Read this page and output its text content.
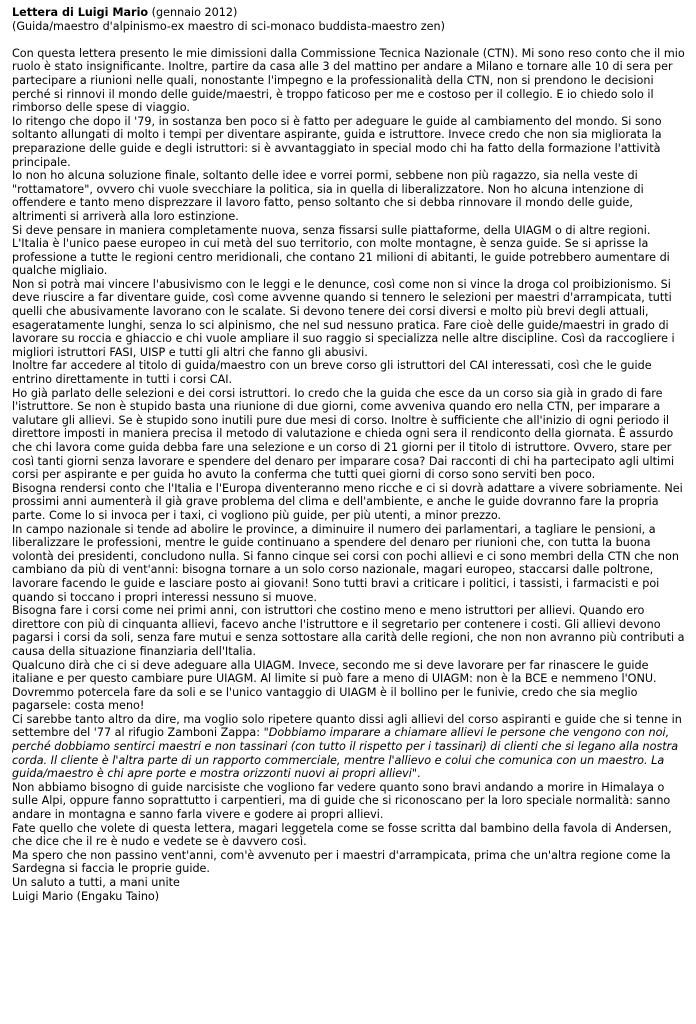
Lettera di Luigi Mario (gennaio 2012)

(Guida/maestro d'alpinismo-ex maestro di sci-monaco buddista-maestro zen)

Con questa lettera presento le mie dimissioni dalla Commissione Tecnica Nazionale (CTN). Mi sono reso conto che il mio ruolo è stato insignificante. Inoltre, partire da casa alle 3 del mattino per andare a Milano e tornare alle 10 di sera per partecipare a riunioni nelle quali, nonostante l'impegno e la professionalità della CTN, non si prendono le decisioni perché si rinnovi il mondo delle guide/maestri, è troppo faticoso per me e costoso per il collegio. E io chiedo solo il rimborso delle spese di viaggio.

Io ritengo che dopo il '79, in sostanza ben poco si è fatto per adeguare le guide al cambiamento del mondo. Si sono soltanto allungati di molto i tempi per diventare aspirante, guida e istruttore. Invece credo che non sia migliorata la preparazione delle guide e degli istruttori: si è avvantaggiato in special modo chi ha fatto della formazione l'attività principale.

Io non ho alcuna soluzione finale, soltanto delle idee e vorrei pormi, sebbene non più ragazzo, sia nella veste di "rottamatore", ovvero chi vuole svecchiare la politica, sia in quella di liberalizzatore. Non ho alcuna intenzione di offendere e tanto meno disprezzare il lavoro fatto, penso soltanto che si debba rinnovare il mondo delle guide, altrimenti si arriverà alla loro estinzione.

Si deve pensare in maniera completamente nuova, senza fissarsi sulle piattaforme, della UIAGM o di altre regioni.

L'Italia è l'unico paese europeo in cui metà del suo territorio, con molte montagne, è senza guide. Se si aprisse la professione a tutte le regioni centro meridionali, che contano 21 milioni di abitanti, le guide potrebbero aumentare di qualche migliaio.

Non si potrà mai vincere l'abusivismo con le leggi e le denunce, così come non si vince la droga col proibizionismo. Si deve riuscire a far diventare guide, così come avvenne quando si tennero le selezioni per maestri d'arrampicata, tutti quelli che abusivamente lavorano con le scalate. Si devono tenere dei corsi diversi e molto più brevi degli attuali, esageratamente lunghi, senza lo sci alpinismo, che nel sud nessuno pratica. Fare cioè delle guide/maestri in grado di lavorare su roccia e ghiaccio e chi vuole ampliare il suo raggio si specializza nelle altre discipline. Così da raccogliere i migliori istruttori FASI, UISP e tutti gli altri che fanno gli abusivi.

Inoltre far accedere al titolo di guida/maestro con un breve corso gli istruttori del CAI interessati, così che le guide entrino direttamente in tutti i corsi CAI.

Ho già parlato delle selezioni e dei corsi istruttori. Io credo che la guida che esce da un corso sia già in grado di fare l'istruttore. Se non è stupido basta una riunione di due giorni, come avveniva quando ero nella CTN, per imparare a valutare gli allievi. Se è stupido sono inutili pure due mesi di corso. Inoltre è sufficiente che all'inizio di ogni periodo il direttore imposti in maniera precisa il metodo di valutazione e chieda ogni sera il rendiconto della giornata. È assurdo che chi lavora come guida debba fare una selezione e un corso di 21 giorni per il titolo di istruttore. Ovvero, stare per così tanti giorni senza lavorare e spendere del denaro per imparare cosa? Dai racconti di chi ha partecipato agli ultimi corsi per aspirante e per guida ho avuto la conferma che tutti quei giorni di corso sono serviti ben poco.

Bisogna rendersi conto che l'Italia e l'Europa diventeranno meno ricche e ci si dovrà adattare a vivere sobriamente. Nei prossimi anni aumenterà il già grave problema del clima e dell'ambiente, e anche le guide dovranno fare la propria parte. Come lo si invoca per i taxi, ci vogliono più guide, per più utenti, a minor prezzo.

In campo nazionale si tende ad abolire le province, a diminuire il numero dei parlamentari, a tagliare le pensioni, a liberalizzare le professioni, mentre le guide continuano a spendere del denaro per riunioni che, con tutta la buona volontà dei presidenti, concludono nulla. Si fanno cinque sei corsi con pochi allievi e ci sono membri della CTN che non cambiano da più di vent'anni: bisogna tornare a un solo corso nazionale, magari europeo, staccarsi dalle poltrone, lavorare facendo le guide e lasciare posto ai giovani! Sono tutti bravi a criticare i politici, i tassisti, i farmacisti e poi quando si toccano i propri interessi nessuno si muove.

Bisogna fare i corsi come nei primi anni, con istruttori che costino meno e meno istruttori per allievi. Quando ero direttore con più di cinquanta allievi, facevo anche l'istruttore e il segretario per contenere i costi. Gli allievi devono pagarsi i corsi da soli, senza fare mutui e senza sottostare alla carità delle regioni, che non non avranno più contributi a causa della situazione finanziaria dell'Italia.

Qualcuno dirà che ci si deve adeguare alla UIAGM. Invece, secondo me si deve lavorare per far rinascere le guide italiane e per questo cambiare pure UIAGM. Al limite si può fare a meno di UIAGM: non è la BCE e nemmeno l'ONU. Dovremmo potercela fare da soli e se l'unico vantaggio di UIAGM è il bollino per le funivie, credo che sia meglio pagarsele: costa meno!

Ci sarebbe tanto altro da dire, ma voglio solo ripetere quanto dissi agli allievi del corso aspiranti e guide che si tenne in settembre del '77 al rifugio Zamboni Zappa: "Dobbiamo imparare a chiamare allievi le persone che vengono con noi, perché dobbiamo sentirci maestri e non tassinari (con tutto il rispetto per i tassinari) di clienti che si legano alla nostra corda. Il cliente è l'altra parte di un rapporto commerciale, mentre l'allievo e colui che comunica con un maestro. La guida/maestro è chi apre porte e mostra orizzonti nuovi ai propri allievi".

Non abbiamo bisogno di guide narcisiste che vogliono far vedere quanto sono bravi andando a morire in Himalaya o sulle Alpi, oppure fanno soprattutto i carpentieri, ma di guide che si riconoscano per la loro speciale normalità: sanno andare in montagna e sanno farla vivere e godere ai propri allievi.

Fate quello che volete di questa lettera, magari leggetela come se fosse scritta dal bambino della favola di Andersen, che dice che il re è nudo e vedete se è davvero così.

Ma spero che non passino vent'anni, com'è avvenuto per i maestri d'arrampicata, prima che un'altra regione come la Sardegna si faccia le proprie guide.

Un saluto a tutti, a mani unite

Luigi Mario (Engaku Taino)
